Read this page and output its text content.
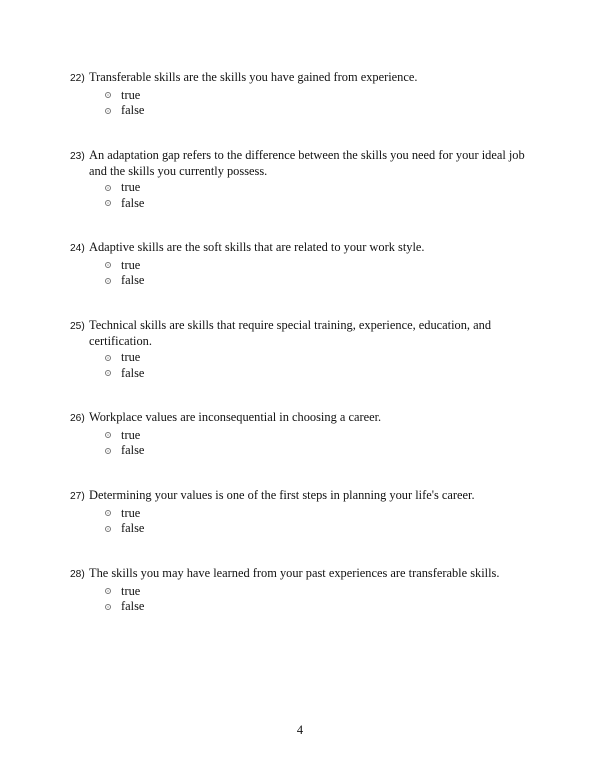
22) Transferable skills are the skills you have gained from experience.
true
false
23) An adaptation gap refers to the difference between the skills you need for your ideal job and the skills you currently possess.
true
false
24) Adaptive skills are the soft skills that are related to your work style.
true
false
25) Technical skills are skills that require special training, experience, education, and certification.
true
false
26) Workplace values are inconsequential in choosing a career.
true
false
27) Determining your values is one of the first steps in planning your life's career.
true
false
28) The skills you may have learned from your past experiences are transferable skills.
true
false
4
